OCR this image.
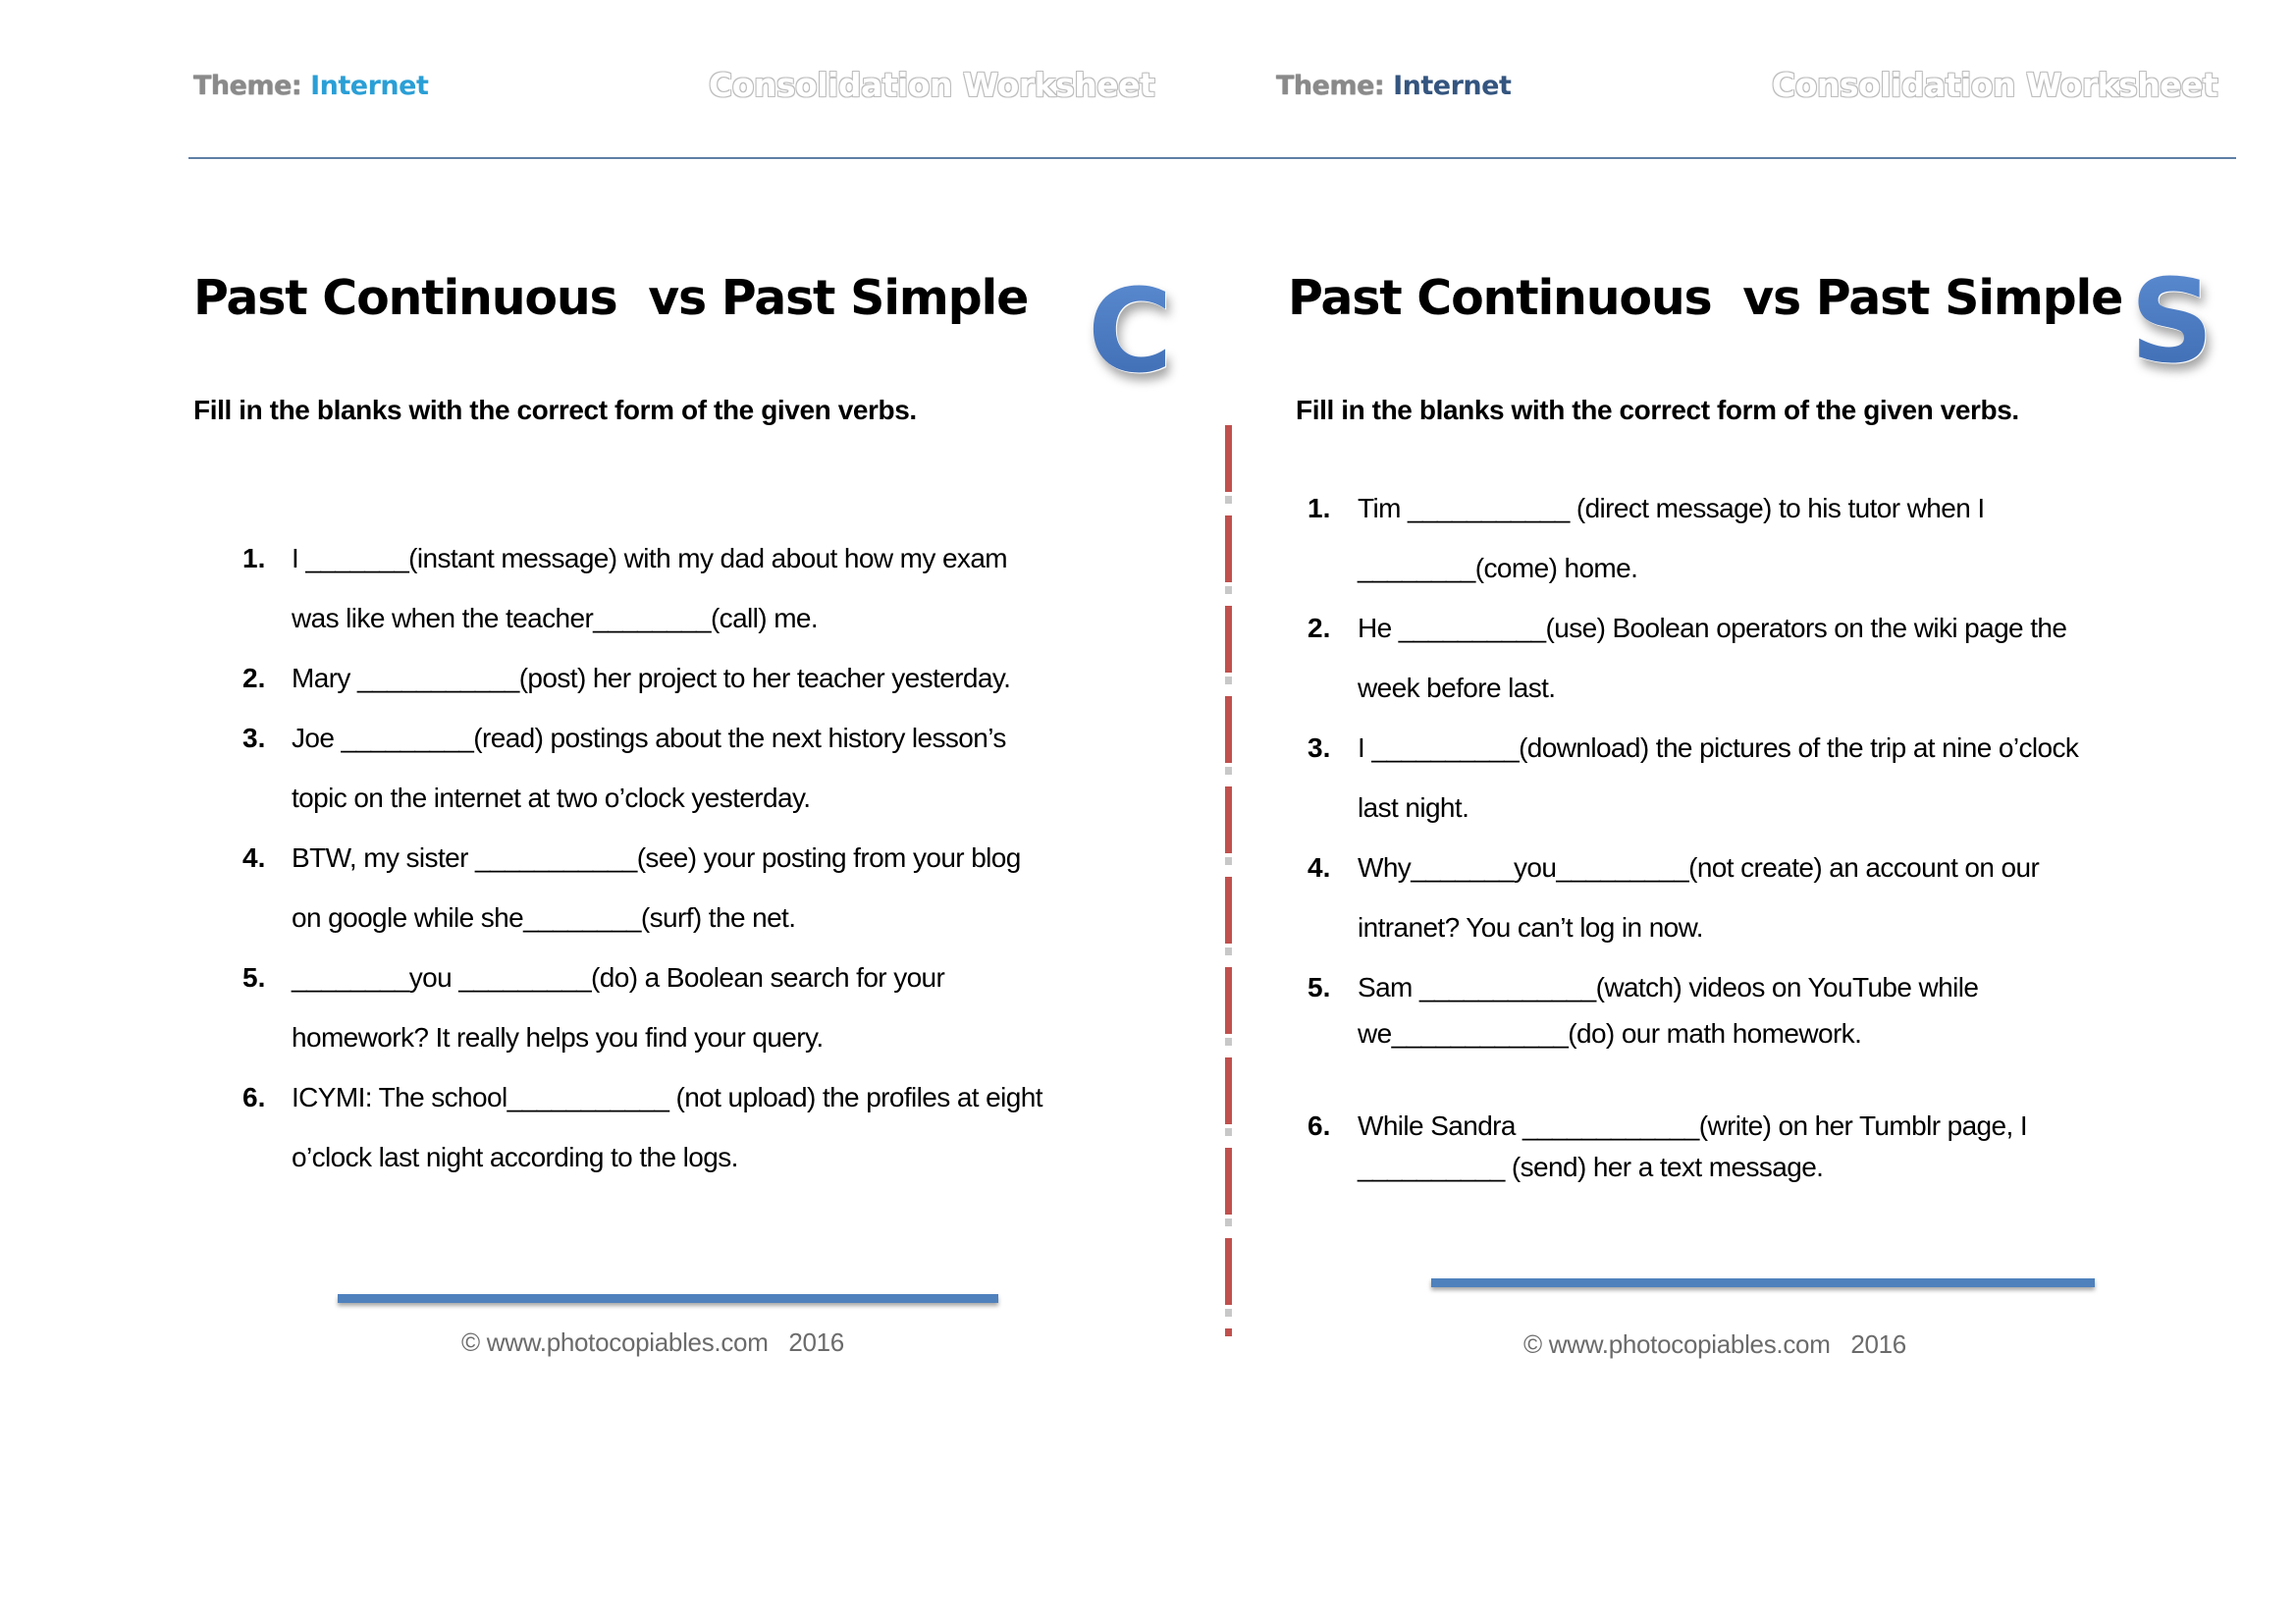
Theme: Internet	Consolidation Worksheet	Theme: Internet	Consolidation Worksheet
Past Continuous  vs Past Simple C
Fill in the blanks with the correct form of the given verbs.
1. I _______(instant message) with my dad about how my exam
was like when the teacher________(call) me.
2. Mary ___________(post) her project to her teacher yesterday.
3. Joe _________(read) postings about the next history lesson’s
topic on the internet at two o’clock yesterday.
4. BTW, my sister ___________(see) your posting from your blog
on google while she________(surf) the net.
5. ________you _________(do) a Boolean search for your
homework? It really helps you find your query.
6. ICYMI: The school___________ (not upload) the profiles at eight
o’clock last night according to the logs.
© www.photocopiables.com   2016
Past Continuous  vs Past Simple S
Fill in the blanks with the correct form of the given verbs.
1. Tim ___________ (direct message) to his tutor when I
________(come) home.
2. He __________(use) Boolean operators on the wiki page the
week before last.
3. I __________(download) the pictures of the trip at nine o’clock
last night.
4. Why_______you_________(not create) an account on our
intranet? You can’t log in now.
5. Sam ____________(watch) videos on YouTube while
we____________(do) our math homework.
6. While Sandra ____________(write) on her Tumblr page, I
__________ (send) her a text message.
© www.photocopiables.com   2016
